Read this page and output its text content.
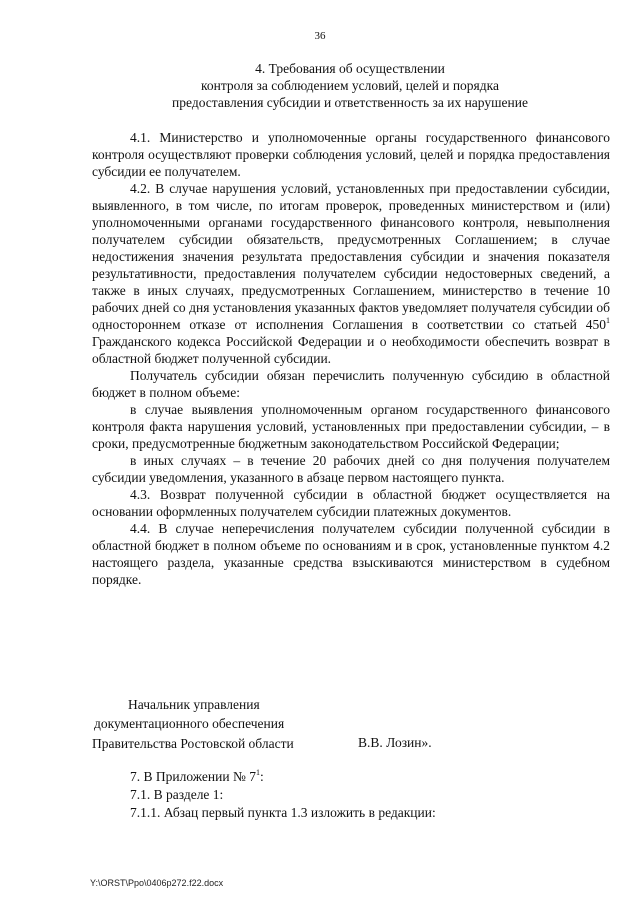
36
4. Требования об осуществлении
контроля за соблюдением условий, целей и порядка
предоставления субсидии и ответственность за их нарушение

4.1. Министерство и уполномоченные органы государственного финансового контроля осуществляют проверки соблюдения условий, целей и порядка предоставления субсидии ее получателем.

4.2. В случае нарушения условий, установленных при предоставлении субсидии, выявленного, в том числе, по итогам проверок, проведенных министерством и (или) уполномоченными органами государственного финансового контроля, невыполнения получателем субсидии обязательств, предусмотренных Соглашением; в случае недостижения значения результата предоставления субсидии и значения показателя результативности, предоставления получателем субсидии недостоверных сведений, а также в иных случаях, предусмотренных Соглашением, министерство в течение 10 рабочих дней со дня установления указанных фактов уведомляет получателя субсидии об одностороннем отказе от исполнения Соглашения в соответствии со статьей $450^1$ Гражданского кодекса Российской Федерации и о необходимости обеспечить возврат в областной бюджет полученной субсидии.

Получатель субсидии обязан перечислить полученную субсидию в областной бюджет в полном объеме:

в случае выявления уполномоченным органом государственного финансового контроля факта нарушения условий, установленных при предоставлении субсидии, – в сроки, предусмотренные бюджетным законодательством Российской Федерации;

в иных случаях – в течение 20 рабочих дней со дня получения получателем субсидии уведомления, указанного в абзаце первом настоящего пункта.

4.3. Возврат полученной субсидии в областной бюджет осуществляется на основании оформленных получателем субсидии платежных документов.

4.4. В случае неперечисления получателем субсидии полученной субсидии в областной бюджет в полном объеме по основаниям и в срок, установленные пунктом 4.2 настоящего раздела, указанные средства взыскиваются министерством в судебном порядке.

Начальник управления
документационного обеспечения
Правительства Ростовской области	В.В. Лозин».
7. В Приложении № $7^1$:
7.1. В разделе 1:
7.1.1. Абзац первый пункта 1.3 изложить в редакции:
Y:\ORST\Ppo\0406p272.f22.docx
